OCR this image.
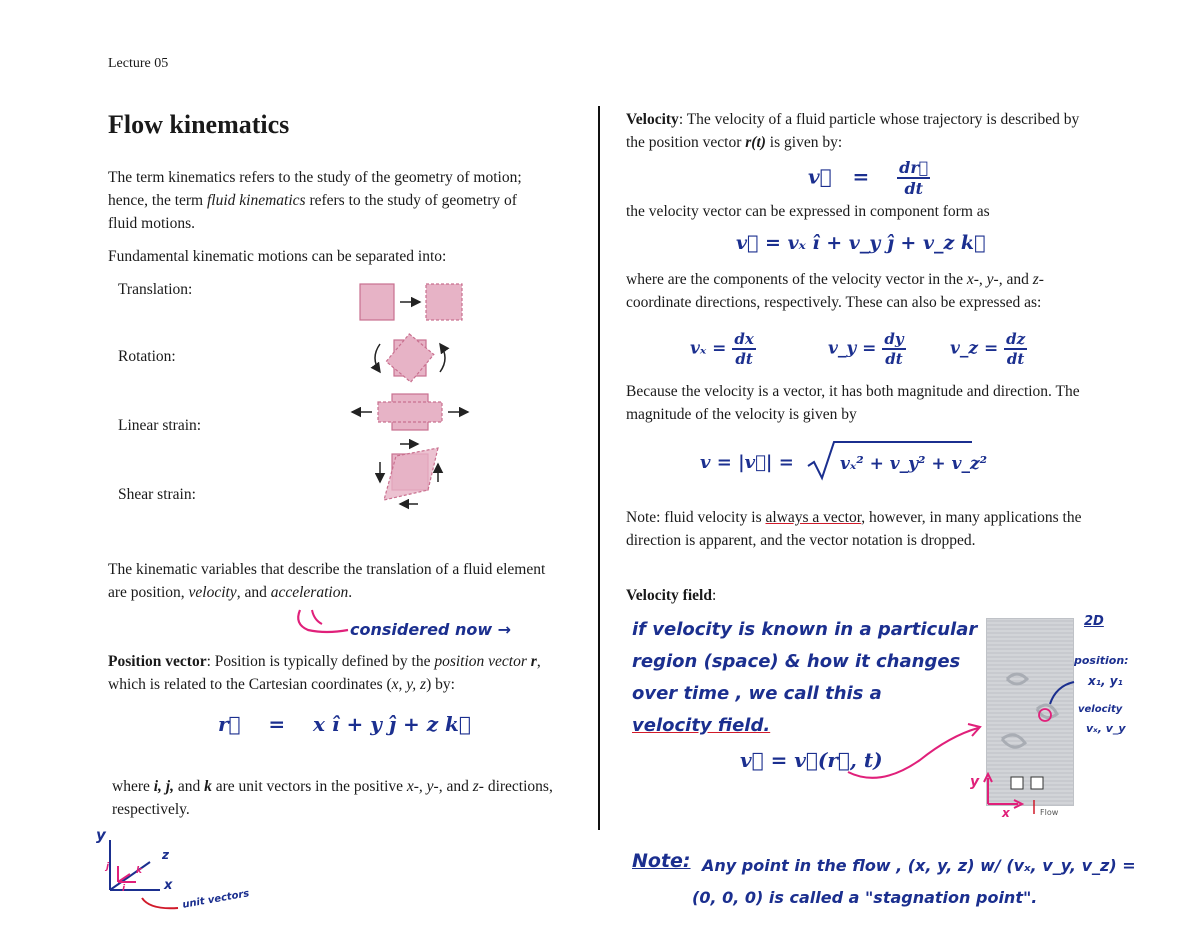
Lecture 05
Flow kinematics
The term kinematics refers to the study of the geometry of motion; hence, the term fluid kinematics refers to the study of geometry of fluid motions.
Fundamental kinematic motions can be separated into:
Translation:
Rotation:
Linear strain:
Shear strain:
The kinematic variables that describe the translation of a fluid element are position, velocity, and acceleration.
considered now →
Position vector: Position is typically defined by the position vector r, which is related to the Cartesian coordinates (x, y, z) by:
r⃗ = x î + y ĵ + z k⃗
where i, j, and k are unit vectors in the positive x-, y-, and z- directions, respectively.
y
z
x
j
i
k
unit vectors
Velocity: The velocity of a fluid particle whose trajectory is described by the position vector r(t) is given by:
v⃗ = $\frac{dr⃗}{dt}$
the velocity vector can be expressed in component form as
v⃗ = vₓ î + v_y ĵ + v_z k⃗
where are the components of the velocity vector in the x-, y-, and z- coordinate directions, respectively. These can also be expressed as:
$v_x = \frac{dx}{dt}$	v_y = $\frac{dy}{dt}$	v_z = $\frac{dz}{dt}$
Because the velocity is a vector, it has both magnitude and direction. The magnitude of the velocity is given by
v = |v⃗| =	vₓ² + v_y² + v_z²
Note: fluid velocity is always a vector, however, in many applications the direction is apparent, and the vector notation is dropped.
Velocity field:
if velocity is known in a particular
region (space) & how it changes
over time , we call this a
velocity field.
v⃗ = v⃗(r⃗, t)
2D
position:
x₁, y₁
velocity
vₓ, v_y
y
x	Flow
Note: Any point in the flow , (x, y, z) w/ (vₓ, v_y, v_z) =
(0, 0, 0) is called a "stagnation point".
